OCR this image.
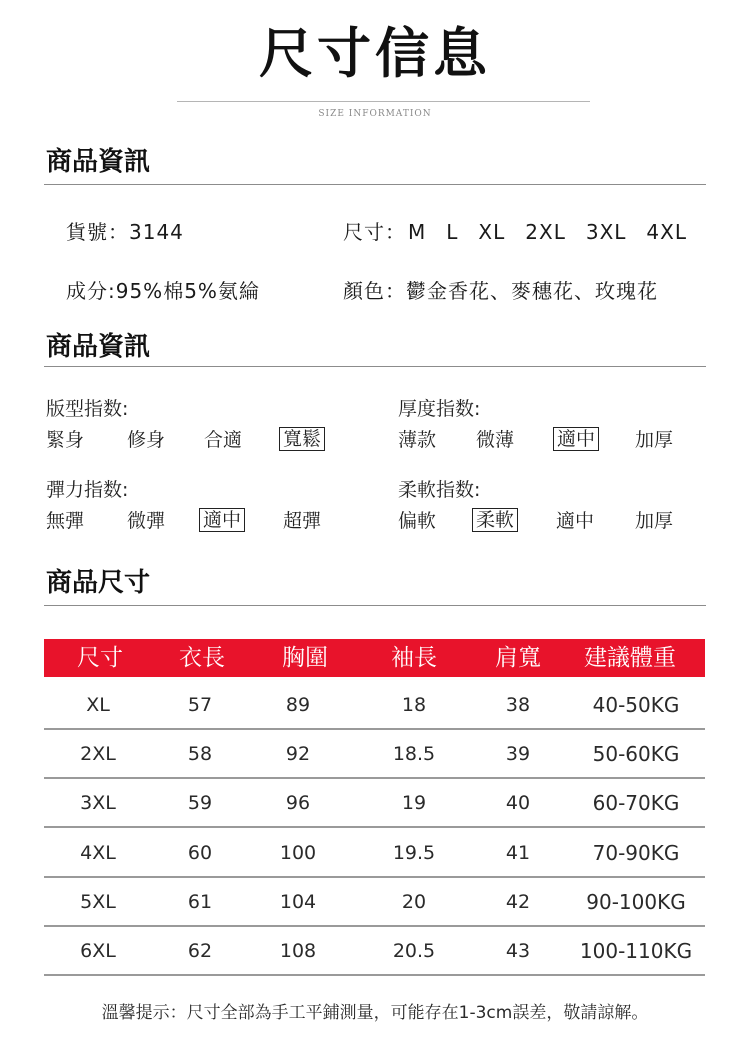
尺寸信息
SIZE INFORMATION
商品資訊
貨號：3144	尺寸： M L XL 2XL 3XL 4XL
成分:95%棉5%氨綸	顏色：鬱金香花、麥穗花、玫瑰花
商品資訊
版型指数:
緊身 修身 合適 寬鬆
厚度指数:
薄款 微薄 適中 加厚
彈力指数:
無彈 微彈 適中 超彈
柔軟指数:
偏軟 柔軟 適中 加厚
商品尺寸
尺寸	衣長	胸圍	袖長	肩寬	建議體重
XL	57	89	18	38	40-50KG
2XL	58	92	18.5	39	50-60KG
3XL	59	96	19	40	60-70KG
4XL	60	100	19.5	41	70-90KG
5XL	61	104	20	42	90-100KG
6XL	62	108	20.5	43	100-110KG
溫馨提示：尺寸全部為手工平鋪測量，可能存在1-3cm誤差，敬請諒解。
